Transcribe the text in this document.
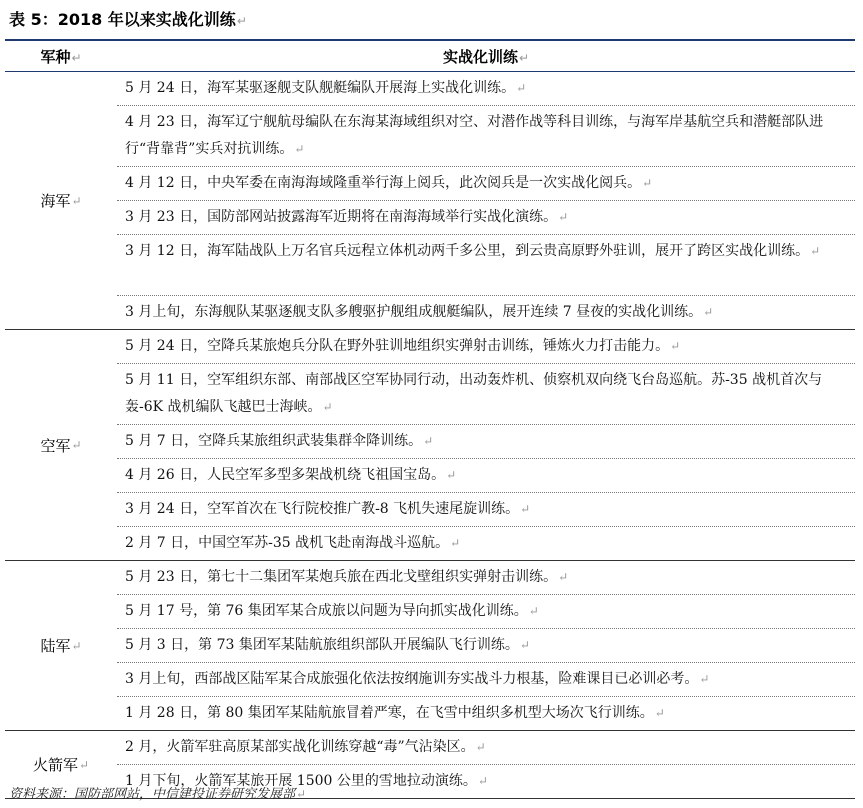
表 5：2018 年以来实战化训练↵
军种↵	实战化训练↵
海军 ↵
5 月 24 日，海军某驱逐舰支队舰艇编队开展海上实战化训练。↵
4 月 23 日，海军辽宁舰航母编队在东海某海域组织对空、对潜作战等科目训练，与海军岸基航空兵和潜艇部队进行“背靠背”实兵对抗训练。↵
4 月 12 日，中央军委在南海海域隆重举行海上阅兵，此次阅兵是一次实战化阅兵。↵
3 月 23 日，国防部网站披露海军近期将在南海海域举行实战化演练。↵
3 月 12 日，海军陆战队上万名官兵远程立体机动两千多公里，到云贵高原野外驻训，展开了跨区实战化训练。↵
3 月上旬，东海舰队某驱逐舰支队多艘驱护舰组成舰艇编队，展开连续 7 昼夜的实战化训练。↵
空军 ↵
5 月 24 日，空降兵某旅炮兵分队在野外驻训地组织实弹射击训练，锤炼火力打击能力。↵
5 月 11 日，空军组织东部、南部战区空军协同行动，出动轰炸机、侦察机双向绕飞台岛巡航。苏-35 战机首次与轰-6K 战机编队飞越巴士海峡。↵
5 月 7 日，空降兵某旅组织武装集群伞降训练。↵
4 月 26 日，人民空军多型多架战机绕飞祖国宝岛。↵
3 月 24 日，空军首次在飞行院校推广教-8 飞机失速尾旋训练。↵
2 月 7 日，中国空军苏-35 战机飞赴南海战斗巡航。↵
陆军 ↵
5 月 23 日，第七十二集团军某炮兵旅在西北戈壁组织实弹射击训练。↵
5 月 17 号，第 76 集团军某合成旅以问题为导向抓实战化训练。↵
5 月 3 日，第 73 集团军某陆航旅组织部队开展编队飞行训练。↵
3 月上旬，西部战区陆军某合成旅强化依法按纲施训夯实战斗力根基，险难课目已必训必考。↵
1 月 28 日，第 80 集团军某陆航旅冒着严寒，在飞雪中组织多机型大场次飞行训练。↵
火箭军 ↵
2 月，火箭军驻高原某部实战化训练穿越“毒”气沾染区。↵
1 月下旬，火箭军某旅开展 1500 公里的雪地拉动演练。↵
资料来源：国防部网站，中信建投证券研究发展部↵
